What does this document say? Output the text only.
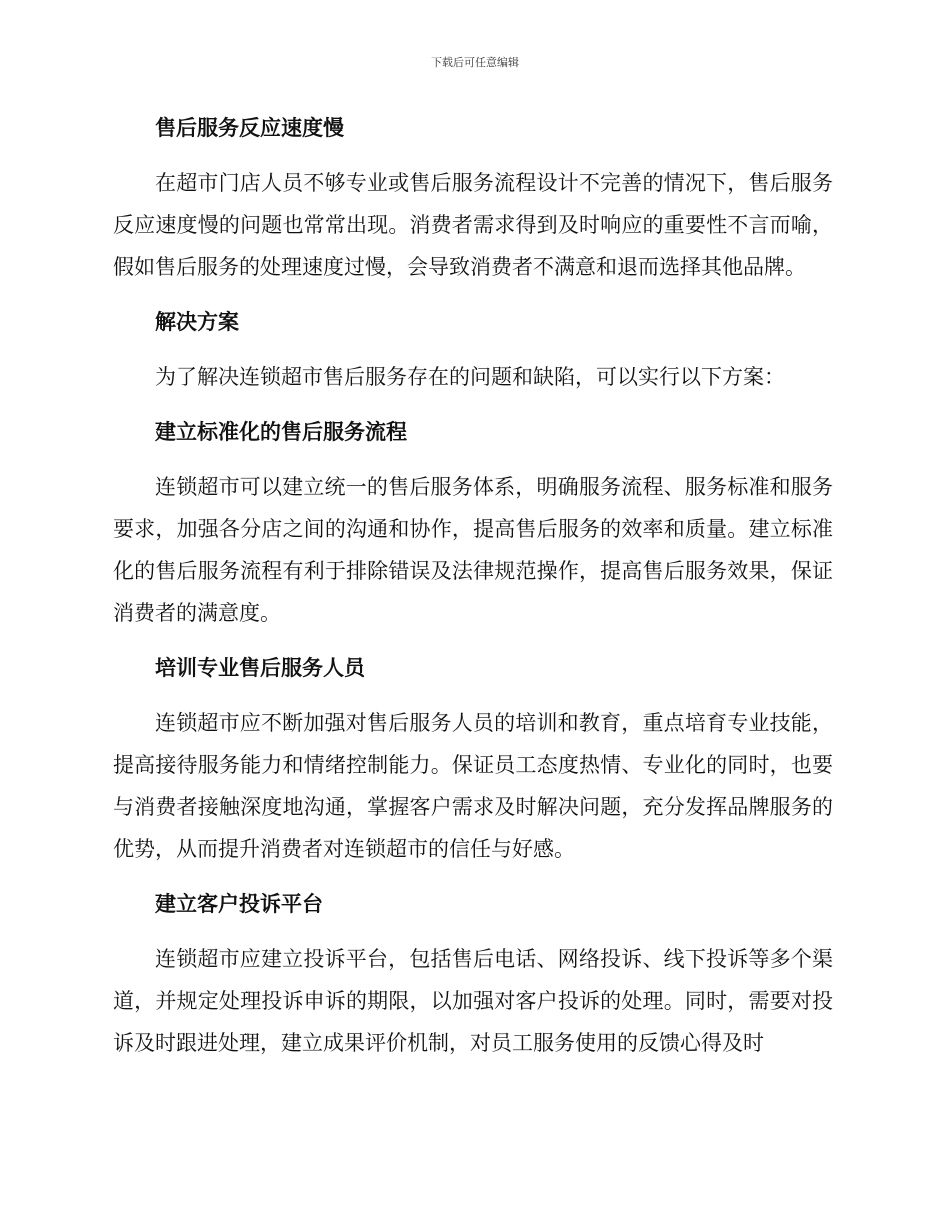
下载后可任意编辑
售后服务反应速度慢

在超市门店人员不够专业或售后服务流程设计不完善的情况下，售后服务反应速度慢的问题也常常出现。消费者需求得到及时响应的重要性不言而喻，假如售后服务的处理速度过慢，会导致消费者不满意和退而选择其他品牌。

解决方案

为了解决连锁超市售后服务存在的问题和缺陷，可以实行以下方案：

建立标准化的售后服务流程

连锁超市可以建立统一的售后服务体系，明确服务流程、服务标准和服务要求，加强各分店之间的沟通和协作，提高售后服务的效率和质量。建立标准化的售后服务流程有利于排除错误及法律规范操作，提高售后服务效果，保证消费者的满意度。

培训专业售后服务人员

连锁超市应不断加强对售后服务人员的培训和教育，重点培育专业技能，提高接待服务能力和情绪控制能力。保证员工态度热情、专业化的同时，也要与消费者接触深度地沟通，掌握客户需求及时解决问题，充分发挥品牌服务的优势，从而提升消费者对连锁超市的信任与好感。

建立客户投诉平台

连锁超市应建立投诉平台，包括售后电话、网络投诉、线下投诉等多个渠道，并规定处理投诉申诉的期限，以加强对客户投诉的处理。同时，需要对投诉及时跟进处理，建立成果评价机制，对员工服务使用的反馈心得及时
